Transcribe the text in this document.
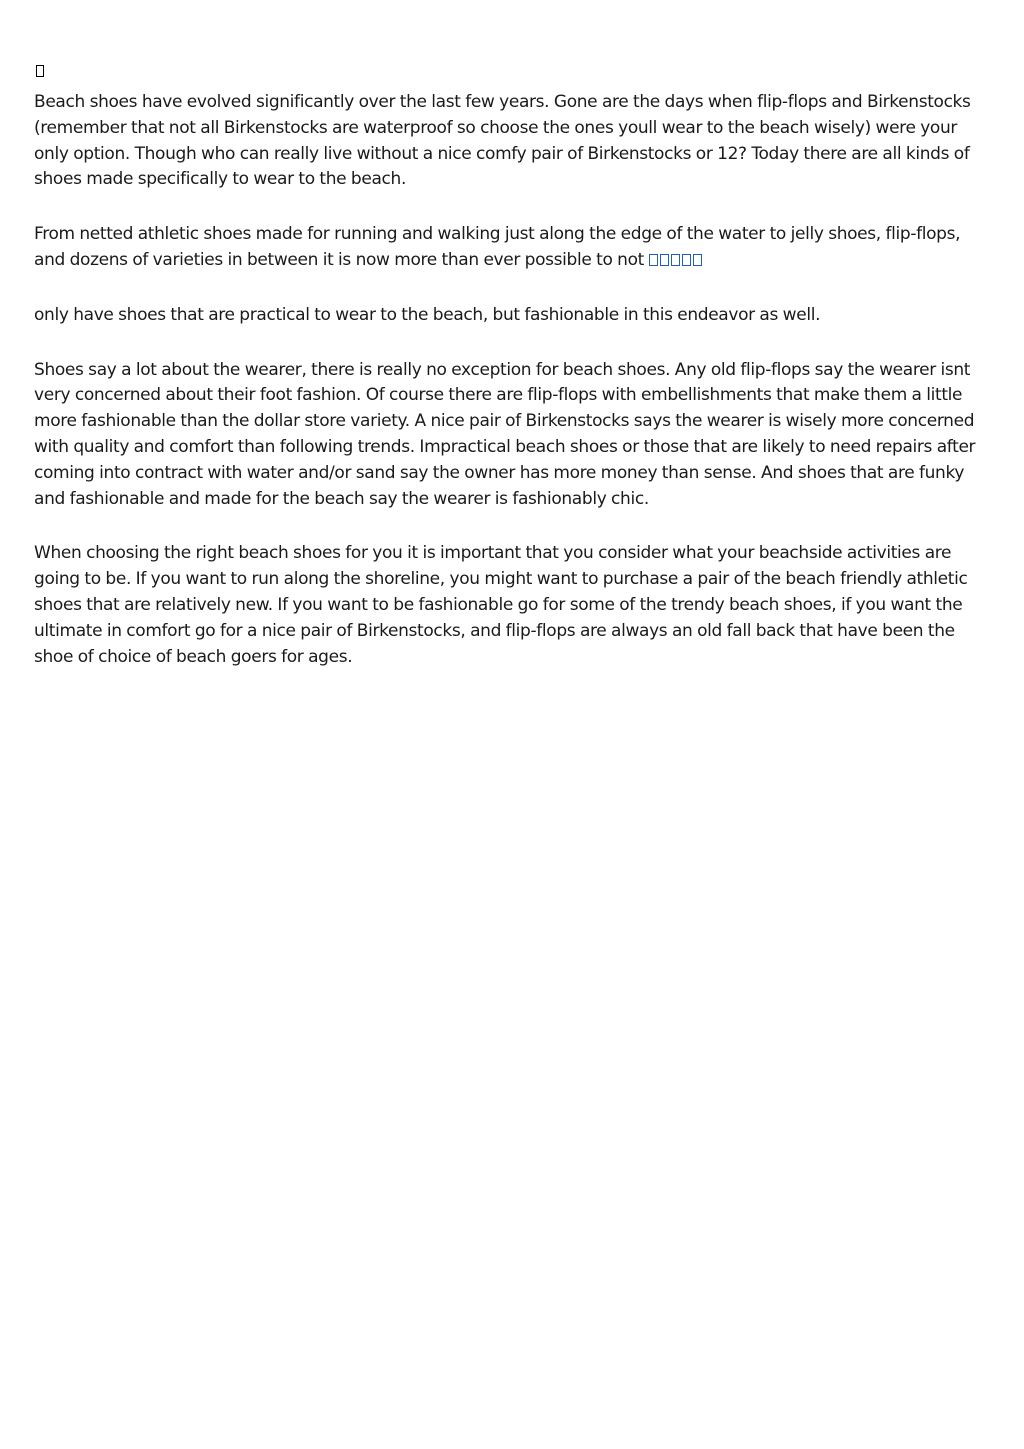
Beach shoes have evolved significantly over the last few years. Gone are the days when flip-flops and Birkenstocks (remember that not all Birkenstocks are waterproof so choose the ones youll wear to the beach wisely) were your only option. Though who can really live without a nice comfy pair of Birkenstocks or 12? Today there are all kinds of shoes made specifically to wear to the beach.

From netted athletic shoes made for running and walking just along the edge of the water to jelly shoes, flip-flops, and dozens of varieties in between it is now more than ever possible to not

only have shoes that are practical to wear to the beach, but fashionable in this endeavor as well.

Shoes say a lot about the wearer, there is really no exception for beach shoes. Any old flip-flops say the wearer isnt very concerned about their foot fashion. Of course there are flip-flops with embellishments that make them a little more fashionable than the dollar store variety. A nice pair of Birkenstocks says the wearer is wisely more concerned with quality and comfort than following trends. Impractical beach shoes or those that are likely to need repairs after coming into contract with water and/or sand say the owner has more money than sense. And shoes that are funky and fashionable and made for the beach say the wearer is fashionably chic.

When choosing the right beach shoes for you it is important that you consider what your beachside activities are going to be. If you want to run along the shoreline, you might want to purchase a pair of the beach friendly athletic shoes that are relatively new. If you want to be fashionable go for some of the trendy beach shoes, if you want the ultimate in comfort go for a nice pair of Birkenstocks, and flip-flops are always an old fall back that have been the shoe of choice of beach goers for ages.
